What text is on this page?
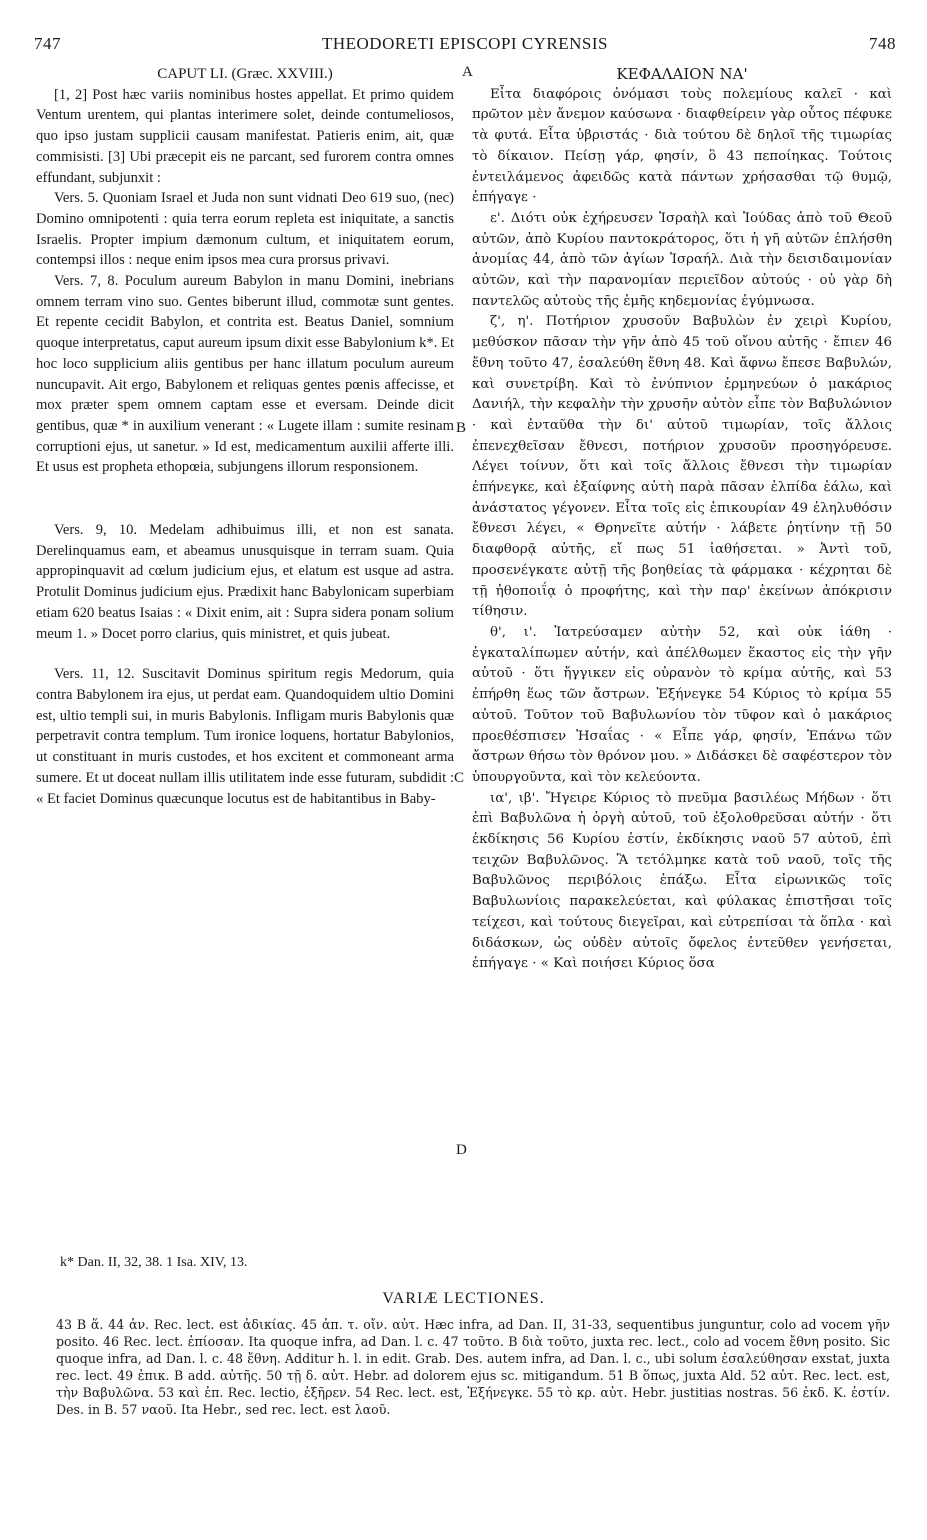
747	THEODORETI EPISCOPI CYRENSIS	748
CAPUT LI. (Græc. XXVIII.)

[1, 2] Post hæc variis nominibus hostes appellat. Et primo quidem Ventum urentem, qui plantas interimere solet, deinde contumeliosos, quo ipso justam supplicii causam manifestat. Patieris enim, ait, quæ commisisti. [3] Ubi præcepit eis ne parcant, sed furorem contra omnes effundant, subjunxit :

Vers. 5. Quoniam Israel et Juda non sunt vidnati Deo 619 suo, (nec) Domino omnipotenti : quia terra eorum repleta est iniquitate, a sanctis Israelis. Propter impium dæmonum cultum, et iniquitatem eorum, contempsi illos : neque enim ipsos mea cura prorsus privavi.

Vers. 7, 8. Poculum aureum Babylon in manu Domini, inebrians omnem terram vino suo. Gentes biberunt illud, commotæ sunt gentes. Et repente cecidit Babylon, et contrita est. Beatus Daniel, somnium quoque interpretatus, caput aureum ipsum dixit esse Babylonium k*. Et hoc loco supplicium aliis gentibus per hanc illatum poculum aureum nuncupavit. Ait ergo, Babylonem et reliquas gentes pœnis affecisse, et mox præter spem omnem captam esse et eversam. Deinde dicit gentibus, quæ * in auxilium venerant : « Lugete illam : sumite resinam corruptioni ejus, ut sanetur. » Id est, medicamentum auxilii afferte illi. Et usus est propheta ethopœia, subjungens illorum responsionem.

Vers. 9, 10. Medelam adhibuimus illi, et non est sanata. Derelinquamus eam, et abeamus unusquisque in terram suam. Quia appropinquavit ad cœlum judicium ejus, et elatum est usque ad astra. Protulit Dominus judicium ejus. Prædixit hanc Babylonicam superbiam etiam 620 beatus Isaias : « Dixit enim, ait : Supra sidera ponam solium meum 1. » Docet porro clarius, quis ministret, et quis jubeat.

Vers. 11, 12. Suscitavit Dominus spiritum regis Medorum, quia contra Babylonem ira ejus, ut perdat eam. Quandoquidem ultio Domini est, ultio templi sui, in muris Babylonis. Infligam muris Babylonis quæ perpetravit contra templum. Tum ironice loquens, hortatur Babylonios, ut constituant in muris custodes, et hos excitent et commoneant arma sumere. Et ut doceat nullam illis utilitatem inde esse futuram, subdidit : « Et faciet Dominus quæcunque locutus est de habitantibus in Baby-

ΚΕΦΑΛΑΙΟΝ ΝΑ'

Εἶτα διαφόροις ὀνόμασι τοὺς πολεμίους καλεῖ · καὶ πρῶτον μὲν ἄνεμον καύσωνα · διαφθείρειν γὰρ οὗτος πέφυκε τὰ φυτά. Εἶτα ὑβριστάς · διὰ τούτου δὲ δηλοῖ τῆς τιμωρίας τὸ δίκαιον. Πείσῃ γάρ, φησίν, ὃ 43 πεποίηκας. Τούτοις ἐντειλάμενος ἀφειδῶς κατὰ πάντων χρήσασθαι τῷ θυμῷ, ἐπήγαγε ·

ε'. Διότι οὐκ ἐχήρευσεν Ἰσραὴλ καὶ Ἰούδας ἀπὸ τοῦ Θεοῦ αὐτῶν, ἀπὸ Κυρίου παντοκράτορος, ὅτι ἡ γῆ αὐτῶν ἐπλήσθη ἀνομίας 44, ἀπὸ τῶν ἁγίων Ἰσραήλ. Διὰ τὴν δεισιδαιμονίαν αὐτῶν, καὶ τὴν παρανομίαν περιεῖδον αὐτούς · οὐ γὰρ δὴ παντελῶς αὐτοὺς τῆς ἐμῆς κηδεμονίας ἐγύμνωσα.

ζ', η'. Ποτήριον χρυσοῦν Βαβυλὼν ἐν χειρὶ Κυρίου, μεθύσκον πᾶσαν τὴν γῆν ἀπὸ 45 τοῦ οἴνου αὐτῆς · ἔπιεν 46 ἔθνη τοῦτο 47, ἐσαλεύθη ἔθνη 48. Καὶ ἄφνω ἔπεσε Βαβυλών, καὶ συνετρίβη. Καὶ τὸ ἐνύπνιον ἑρμηνεύων ὁ μακάριος Δανιήλ, τὴν κεφαλὴν τὴν χρυσῆν αὐτὸν εἶπε τὸν Βαβυλώνιον · καὶ ἐνταῦθα τὴν δι' αὐτοῦ τιμωρίαν, τοῖς ἄλλοις ἐπενεχθεῖσαν ἔθνεσι, ποτήριον χρυσοῦν προσηγόρευσε. Λέγει τοίνυν, ὅτι καὶ τοῖς ἄλλοις ἔθνεσι τὴν τιμωρίαν ἐπήνεγκε, καὶ ἐξαίφνης αὐτὴ παρὰ πᾶσαν ἐλπίδα ἑάλω, καὶ ἀνάστατος γέγονεν. Εἶτα τοῖς εἰς ἐπικουρίαν 49 ἐληλυθόσιν ἔθνεσι λέγει, « Θρηνεῖτε αὐτήν · λάβετε ῥητίνην τῇ 50 διαφθορᾷ αὐτῆς, εἴ πως 51 ἰαθήσεται. » Ἀντὶ τοῦ, προσενέγκατε αὐτῇ τῆς βοηθείας τὰ φάρμακα · κέχρηται δὲ τῇ ἠθοποιΐᾳ ὁ προφήτης, καὶ τὴν παρ' ἐκείνων ἀπόκρισιν τίθησιν.

θ', ι'. Ἰατρεύσαμεν αὐτὴν 52, καὶ οὐκ ἰάθη · ἐγκαταλίπωμεν αὐτήν, καὶ ἀπέλθωμεν ἕκαστος εἰς τὴν γῆν αὐτοῦ · ὅτι ἤγγικεν εἰς οὐρανὸν τὸ κρίμα αὐτῆς, καὶ 53 ἐπήρθη ἕως τῶν ἄστρων. Ἐξήνεγκε 54 Κύριος τὸ κρίμα 55 αὐτοῦ. Τοῦτον τοῦ Βαβυλωνίου τὸν τῦφον καὶ ὁ μακάριος προεθέσπισεν Ἡσαΐας · « Εἶπε γάρ, φησίν, Ἐπάνω τῶν ἄστρων θήσω τὸν θρόνον μου. » Διδάσκει δὲ σαφέστερον τὸν ὑπουργοῦντα, καὶ τὸν κελεύοντα.

ια', ιβ'. Ἤγειρε Κύριος τὸ πνεῦμα βασιλέως Μήδων · ὅτι ἐπὶ Βαβυλῶνα ἡ ὀργὴ αὐτοῦ, τοῦ ἐξολοθρεῦσαι αὐτήν · ὅτι ἐκδίκησις 56 Κυρίου ἐστίν, ἐκδίκησις ναοῦ 57 αὐτοῦ, ἐπὶ τειχῶν Βαβυλῶνος. Ἃ τετόλμηκε κατὰ τοῦ ναοῦ, τοῖς τῆς Βαβυλῶνος περιβόλοις ἐπάξω. Εἶτα εἰρωνικῶς τοῖς Βαβυλωνίοις παρακελεύεται, καὶ φύλακας ἐπιστῆσαι τοῖς τείχεσι, καὶ τούτους διεγεῖραι, καὶ εὐτρεπίσαι τὰ ὅπλα · καὶ διδάσκων, ὡς οὐδὲν αὐτοῖς ὄφελος ἐντεῦθεν γενήσεται, ἐπήγαγε · « Καὶ ποιήσει Κύριος ὅσα

A
B
C
D
k* Dan. II, 32, 38. 1 Isa. XIV, 13.
VARIÆ LECTIONES.
43 B ἅ. 44 ἀν. Rec. lect. est ἀδικίας. 45 ἀπ. τ. οἴν. αὐτ. Hæc infra, ad Dan. II, 31-33, sequentibus junguntur, colo ad vocem γῆν posito. 46 Rec. lect. ἐπίοσαν. Ita quoque infra, ad Dan. l. c. 47 τοῦτο. B διὰ τοῦτο, juxta rec. lect., colo ad vocem ἔθνη posito. Sic quoque infra, ad Dan. l. c. 48 ἔθνη. Additur h. l. in edit. Grab. Des. autem infra, ad Dan. l. c., ubi solum ἐσαλεύθησαν exstat, juxta rec. lect. 49 ἐπικ. B add. αὐτῆς. 50 τῇ δ. αὐτ. Hebr. ad dolorem ejus sc. mitigandum. 51 B ὅπως, juxta Ald. 52 αὐτ. Rec. lect. est, τὴν Βαβυλῶνα. 53 καὶ ἐπ. Rec. lectio, ἐξῆρεν. 54 Rec. lect. est, Ἐξήνεγκε. 55 τὸ κρ. αὐτ. Hebr. justitias nostras. 56 ἐκδ. K. ἐστίν. Des. in B. 57 ναοῦ. Ita Hebr., sed rec. lect. est λαοῦ.
